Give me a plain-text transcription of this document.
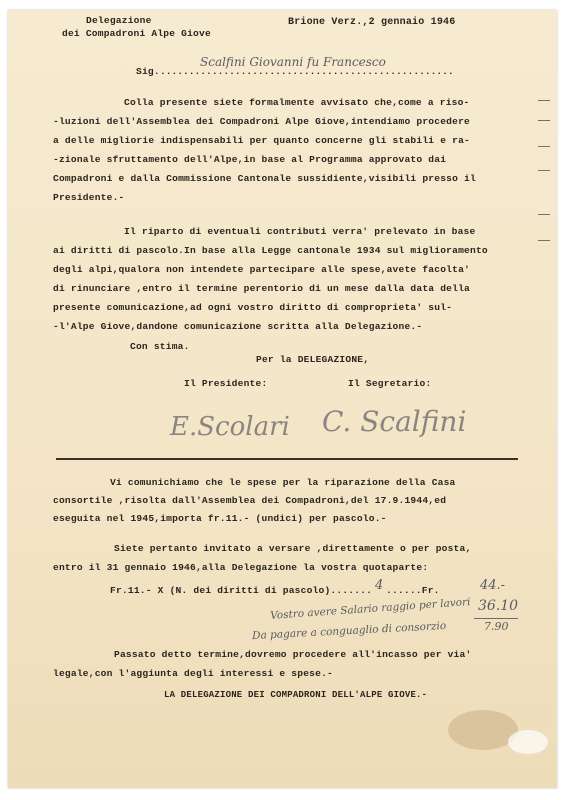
Delegazione
dei Compadroni Alpe Giove
Brione Verz.,2 gennaio 1946
Sig. ...................................................
Scalfini Giovanni fu Francesco
Colla presente siete formalmente avvisato che,come a riso-
-luzioni dell'Assemblea dei Compadroni Alpe Giove,intendiamo procedere
a delle migliorie indispensabili per quanto concerne gli stabili e ra-
-zionale sfruttamento dell'Alpe,in base al Programma approvato dai
Compadroni e dalla Commissione Cantonale sussidiente,visibili presso il
Presidente.-
Il riparto di eventuali contributi verra' prelevato in base
ai diritti di pascolo.In base alla Legge cantonale 1934 sul miglioramento
degli alpi,qualora non intendete partecipare alle spese,avete facolta'
di rinunciare ,entro il termine perentorio di un mese dalla data della
presente comunicazione,ad ogni vostro diritto di comproprieta' sul-
-l'Alpe Giove,dandone comunicazione scritta alla Delegazione.-
Con stima.
Per la DELEGAZIONE,
Il Presidente:	Il Segretario:
E.Scolari C. Scalfini
Vi comunichiamo che le spese per la riparazione della Casa
consortile ,risolta dall'Assemblea dei Compadroni,del 17.9.1944,ed
eseguita nel 1945,importa fr.11.- (undici) per pascolo.-
Siete pertanto invitato a versare ,direttamente o per posta,
entro il 31 gennaio 1946,alla Delegazione la vostra quotaparte:
Fr.11.- X (N. dei diritti di pascolo)....... 4 ......Fr.	44.-
Vostro avere Salario raggio per lavori 36.10
Da pagare a conguaglio di consorzio	7.90
Passato detto termine,dovremo procedere all'incasso per via'
legale,con l'aggiunta degli interessi e spese.-
LA DELEGAZIONE DEI COMPADRONI DELL'ALPE GIOVE.-
